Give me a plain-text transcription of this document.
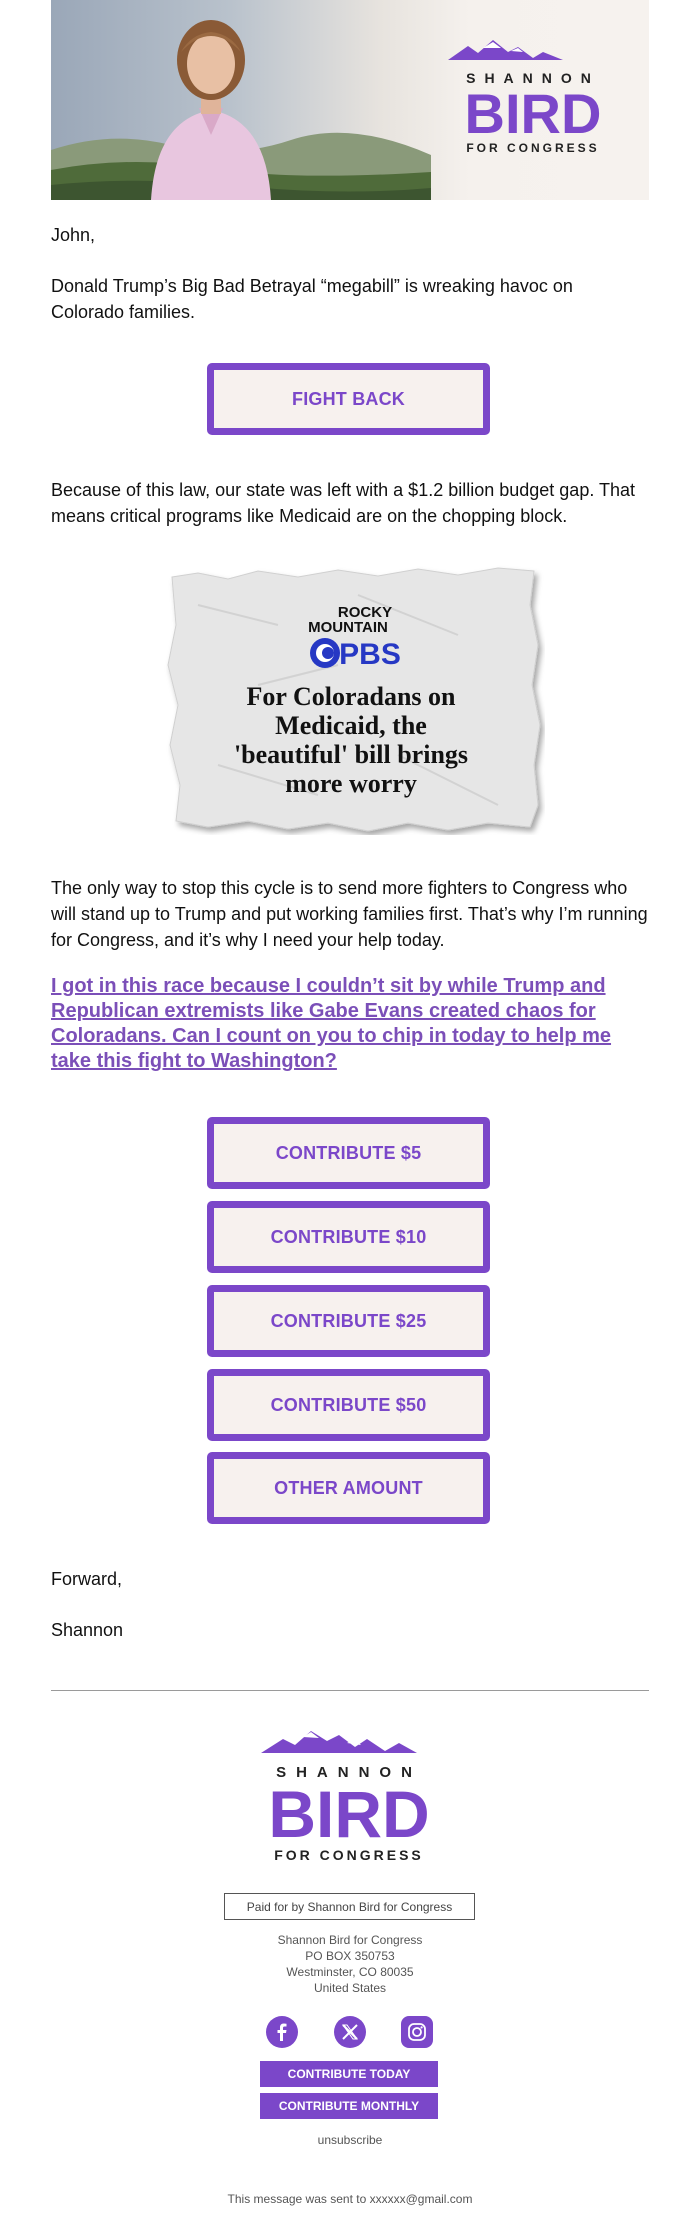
SHANNON
BIRD
FOR CONGRESS

John,

Donald Trump’s Big Bad Betrayal “megabill” is wreaking havoc on Colorado families.

FIGHT BACK

Because of this law, our state was left with a $1.2 billion budget gap. That means critical programs like Medicaid are on the chopping block.

ROCKY
MOUNTAIN
PBS
For Coloradans on
Medicaid, the
'beautiful' bill brings
more worry

The only way to stop this cycle is to send more fighters to Congress who will stand up to Trump and put working families first. That’s why I’m running for Congress, and it’s why I need your help today.

I got in this race because I couldn’t sit by while Trump and Republican extremists like Gabe Evans created chaos for Coloradans. Can I count on you to chip in today to help me take this fight to Washington?
CONTRIBUTE $5
CONTRIBUTE $10
CONTRIBUTE $25
CONTRIBUTE $50
OTHER AMOUNT

Forward,

Shannon

SHANNON
BIRD
FOR CONGRESS
Paid for by Shannon Bird for Congress
Shannon Bird for Congress
PO BOX 350753
Westminster, CO 80035
United States
CONTRIBUTE TODAY
CONTRIBUTE MONTHLY
unsubscribe
This message was sent to xxxxxx@gmail.com
